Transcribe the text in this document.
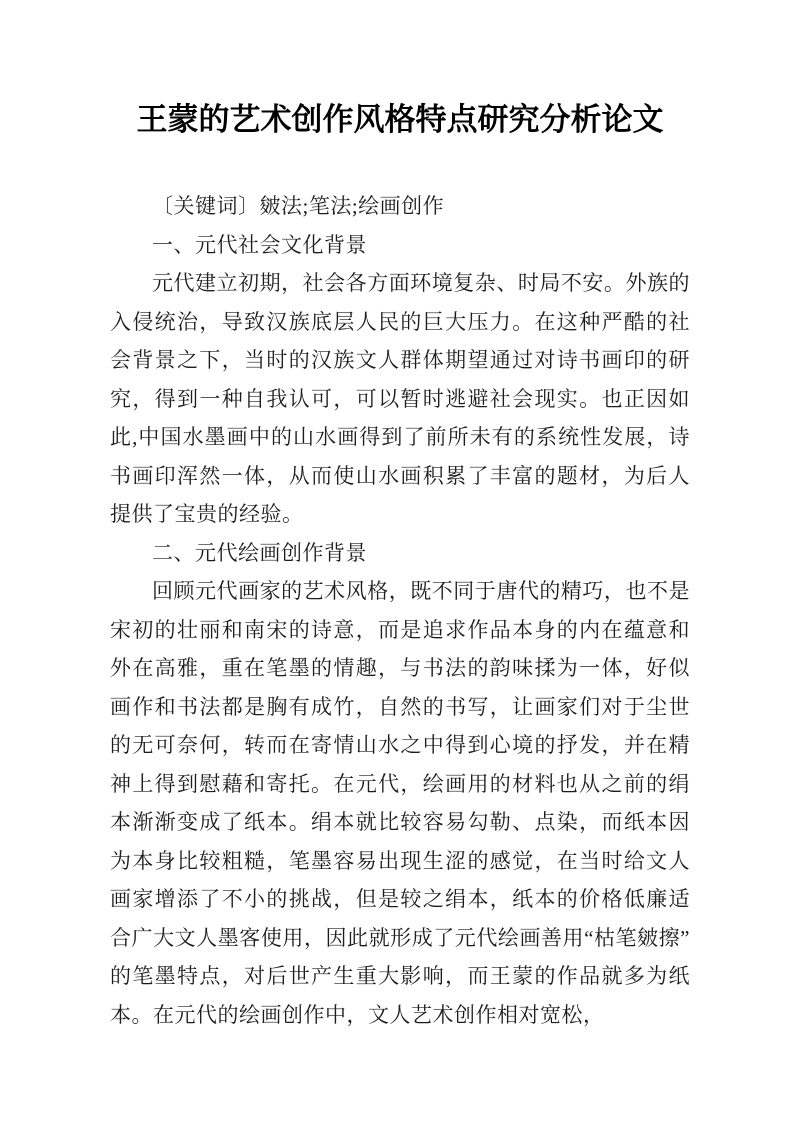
王蒙的艺术创作风格特点研究分析论文

〔关键词〕皴法;笔法;绘画创作

一、元代社会文化背景

元代建立初期，社会各方面环境复杂、时局不安。外族的入侵统治，导致汉族底层人民的巨大压力。在这种严酷的社会背景之下，当时的汉族文人群体期望通过对诗书画印的研究，得到一种自我认可，可以暂时逃避社会现实。也正因如此,中国水墨画中的山水画得到了前所未有的系统性发展，诗书画印浑然一体，从而使山水画积累了丰富的题材，为后人提供了宝贵的经验。

二、元代绘画创作背景

回顾元代画家的艺术风格，既不同于唐代的精巧，也不是宋初的壮丽和南宋的诗意，而是追求作品本身的内在蕴意和外在高雅，重在笔墨的情趣，与书法的韵味揉为一体，好似画作和书法都是胸有成竹，自然的书写，让画家们对于尘世的无可奈何，转而在寄情山水之中得到心境的抒发，并在精神上得到慰藉和寄托。在元代，绘画用的材料也从之前的绢本渐渐变成了纸本。绢本就比较容易勾勒、点染，而纸本因为本身比较粗糙，笔墨容易出现生涩的感觉，在当时给文人画家增添了不小的挑战，但是较之绢本，纸本的价格低廉适合广大文人墨客使用，因此就形成了元代绘画善用“枯笔皴擦”的笔墨特点，对后世产生重大影响，而王蒙的作品就多为纸本。在元代的绘画创作中，文人艺术创作相对宽松，
